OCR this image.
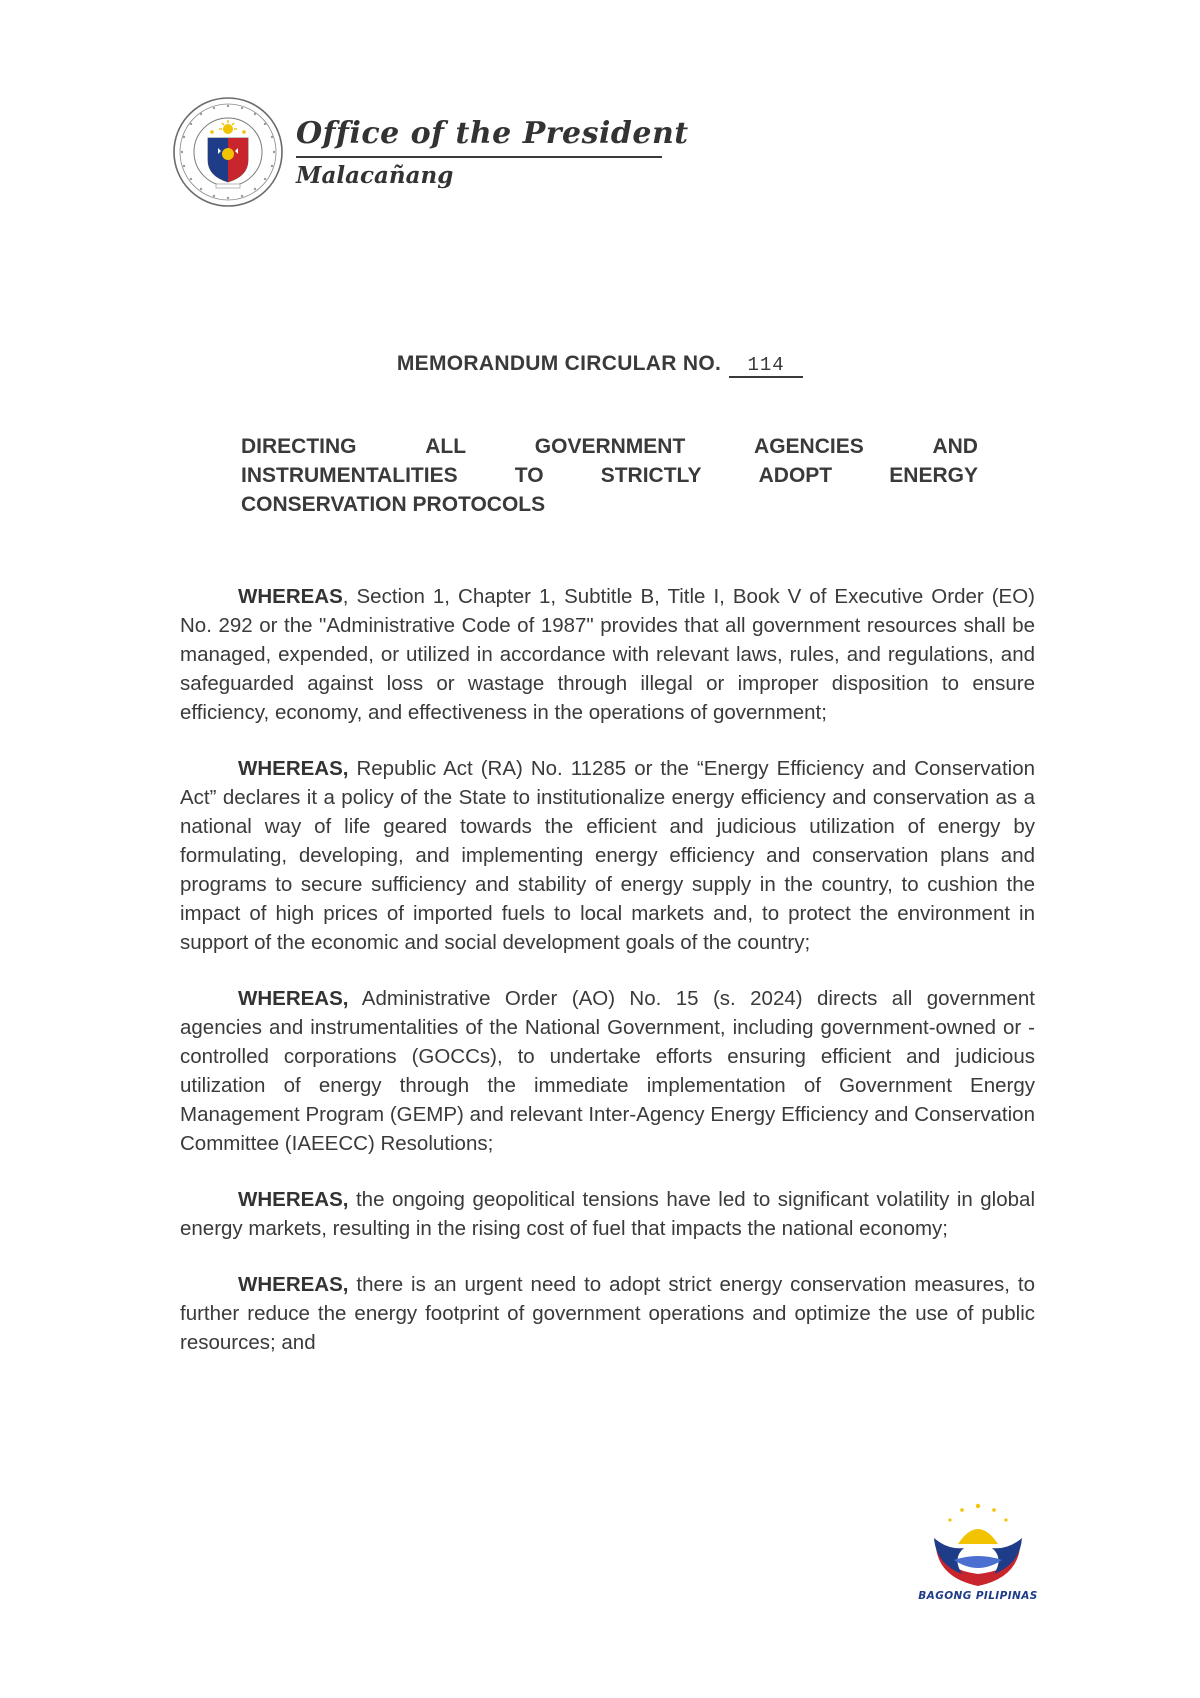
Office of the President
Malacañang
MEMORANDUM CIRCULAR NO. 114
DIRECTING	ALL	GOVERNMENT	AGENCIES	AND
INSTRUMENTALITIES	TO	STRICTLY	ADOPT	ENERGY
CONSERVATION PROTOCOLS

WHEREAS, Section 1, Chapter 1, Subtitle B, Title I, Book V of Executive Order (EO) No. 292 or the "Administrative Code of 1987" provides that all government resources shall be managed, expended, or utilized in accordance with relevant laws, rules, and regulations, and safeguarded against loss or wastage through illegal or improper disposition to ensure efficiency, economy, and effectiveness in the operations of government;

WHEREAS, Republic Act (RA) No. 11285 or the “Energy Efficiency and Conservation Act” declares it a policy of the State to institutionalize energy efficiency and conservation as a national way of life geared towards the efficient and judicious utilization of energy by formulating, developing, and implementing energy efficiency and conservation plans and programs to secure sufficiency and stability of energy supply in the country, to cushion the impact of high prices of imported fuels to local markets and, to protect the environment in support of the economic and social development goals of the country;

WHEREAS, Administrative Order (AO) No. 15 (s. 2024) directs all government agencies and instrumentalities of the National Government, including government-owned or -controlled corporations (GOCCs), to undertake efforts ensuring efficient and judicious utilization of energy through the immediate implementation of Government Energy Management Program (GEMP) and relevant Inter-Agency Energy Efficiency and Conservation Committee (IAEECC) Resolutions;

WHEREAS, the ongoing geopolitical tensions have led to significant volatility in global energy markets, resulting in the rising cost of fuel that impacts the national economy;

WHEREAS, there is an urgent need to adopt strict energy conservation measures, to further reduce the energy footprint of government operations and optimize the use of public resources; and

BAGONG PILIPINAS
